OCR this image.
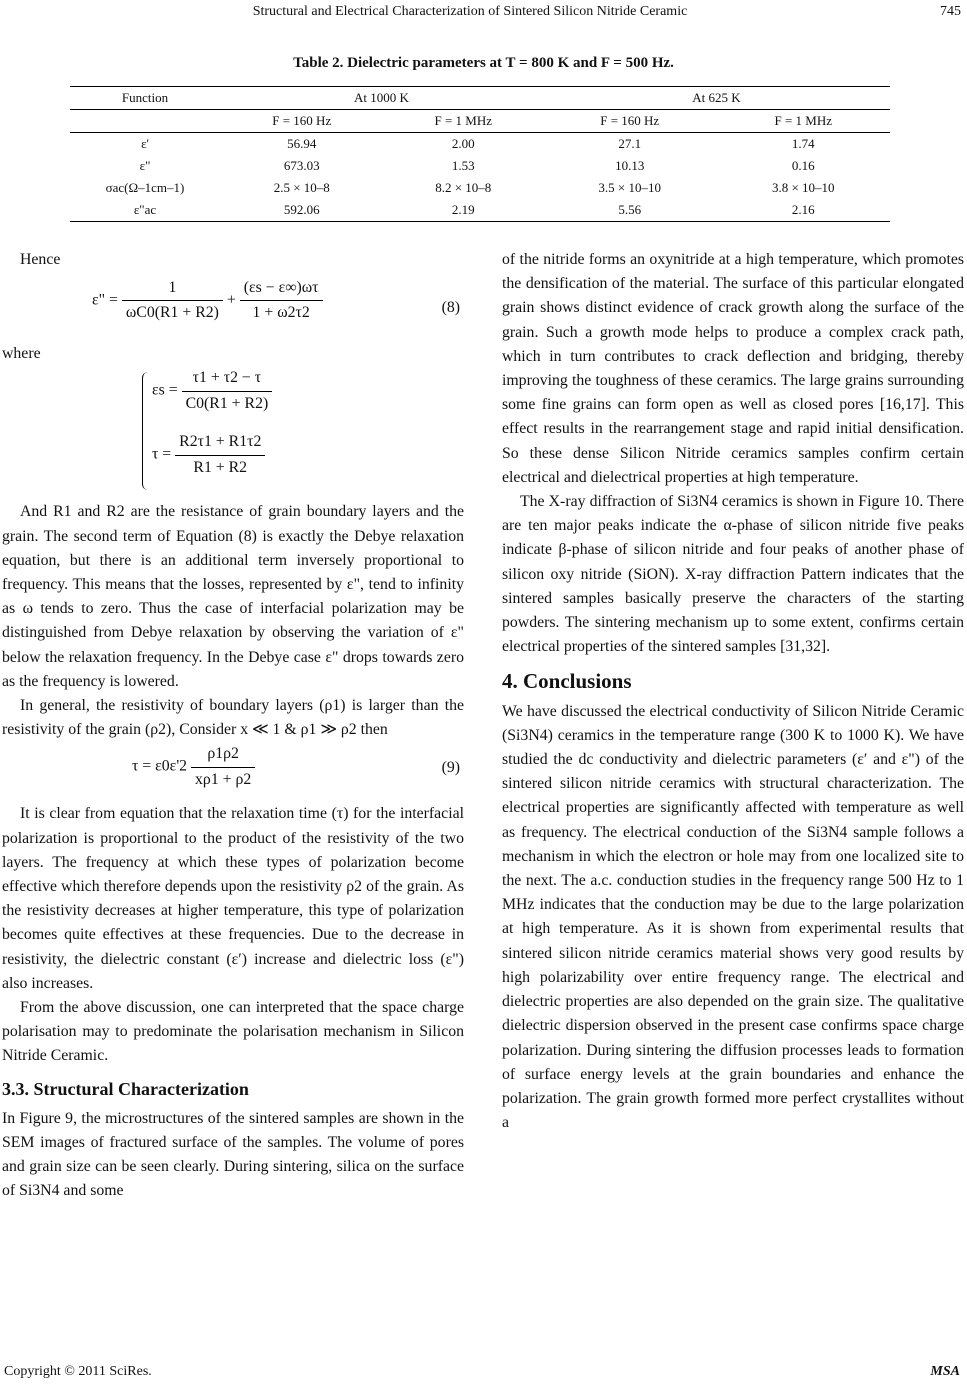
Structural and Electrical Characterization of Sintered Silicon Nitride Ceramic	745
Table 2. Dielectric parameters at T = 800 K and F = 500 Hz.
Function	At 1000 K		At 625 K	
	F = 160 Hz	F = 1 MHz	F = 160 Hz	F = 1 MHz
ε'	56.94	2.00	27.1	1.74
ε"	673.03	1.53	10.13	0.16
σac(Ω–1cm–1)	2.5 × 10–8	8.2 × 10–8	3.5 × 10–10	3.8 × 10–10
ε"ac	592.06	2.19	5.56	2.16

Hence

ε" = $\frac{1}{\omega C0(R1 + R2)} + \frac{(\varepsilon s - \varepsilon\infty)\omega\tau}{1 + \omega 2\tau 2}$	(8)

where

$\varepsilon s = \frac{\tau 1 + \tau 2 - \tau}{C0(R1 + R2)}$
$\tau = \frac{R2\tau 1 + R1\tau 2}{R1 + R2}$

And R1 and R2 are the resistance of grain boundary layers and the grain. The second term of Equation (8) is exactly the Debye relaxation equation, but there is an additional term inversely proportional to frequency. This means that the losses, represented by ε", tend to infinity as ω tends to zero. Thus the case of interfacial polarization may be distinguished from Debye relaxation by observing the variation of ε" below the relaxation frequency. In the Debye case ε" drops towards zero as the frequency is lowered.

In general, the resistivity of boundary layers (ρ1) is larger than the resistivity of the grain (ρ2), Consider x ≪ 1 & ρ1 ≫ ρ2 then

$\tau = \varepsilon 0\varepsilon'2 \frac{\rho 1\rho 2}{x\rho 1 + \rho 2}$	(9)

It is clear from equation that the relaxation time (τ) for the interfacial polarization is proportional to the product of the resistivity of the two layers. The frequency at which these types of polarization become effective which therefore depends upon the resistivity ρ2 of the grain. As the resistivity decreases at higher temperature, this type of polarization becomes quite effectives at these frequencies. Due to the decrease in resistivity, the dielectric constant (ε′) increase and dielectric loss (ε") also increases.

From the above discussion, one can interpreted that the space charge polarisation may to predominate the polarisation mechanism in Silicon Nitride Ceramic.

3.3. Structural Characterization

In Figure 9, the microstructures of the sintered samples are shown in the SEM images of fractured surface of the samples. The volume of pores and grain size can be seen clearly. During sintering, silica on the surface of Si3N4 and some

of the nitride forms an oxynitride at a high temperature, which promotes the densification of the material. The surface of this particular elongated grain shows distinct evidence of crack growth along the surface of the grain. Such a growth mode helps to produce a complex crack path, which in turn contributes to crack deflection and bridging, thereby improving the toughness of these ceramics. The large grains surrounding some fine grains can form open as well as closed pores [16,17]. This effect results in the rearrangement stage and rapid initial densification. So these dense Silicon Nitride ceramics samples confirm certain electrical and dielectrical properties at high temperature.

The X-ray diffraction of Si3N4 ceramics is shown in Figure 10. There are ten major peaks indicate the α-phase of silicon nitride five peaks indicate β-phase of silicon nitride and four peaks of another phase of silicon oxy nitride (SiON). X-ray diffraction Pattern indicates that the sintered samples basically preserve the characters of the starting powders. The sintering mechanism up to some extent, confirms certain electrical properties of the sintered samples [31,32].

4. Conclusions

We have discussed the electrical conductivity of Silicon Nitride Ceramic (Si3N4) ceramics in the temperature range (300 K to 1000 K). We have studied the dc conductivity and dielectric parameters (ε′ and ε") of the sintered silicon nitride ceramics with structural characterization. The electrical properties are significantly affected with temperature as well as frequency. The electrical conduction of the Si3N4 sample follows a mechanism in which the electron or hole may from one localized site to the next. The a.c. conduction studies in the frequency range 500 Hz to 1 MHz indicates that the conduction may be due to the large polarization at high temperature. As it is shown from experimental results that sintered silicon nitride ceramics material shows very good results by high polarizability over entire frequency range. The electrical and dielectric properties are also depended on the grain size. The qualitative dielectric dispersion observed in the present case confirms space charge polarization. During sintering the diffusion processes leads to formation of surface energy levels at the grain boundaries and enhance the polarization. The grain growth formed more perfect crystallites without a

Copyright © 2011 SciRes.	MSA
